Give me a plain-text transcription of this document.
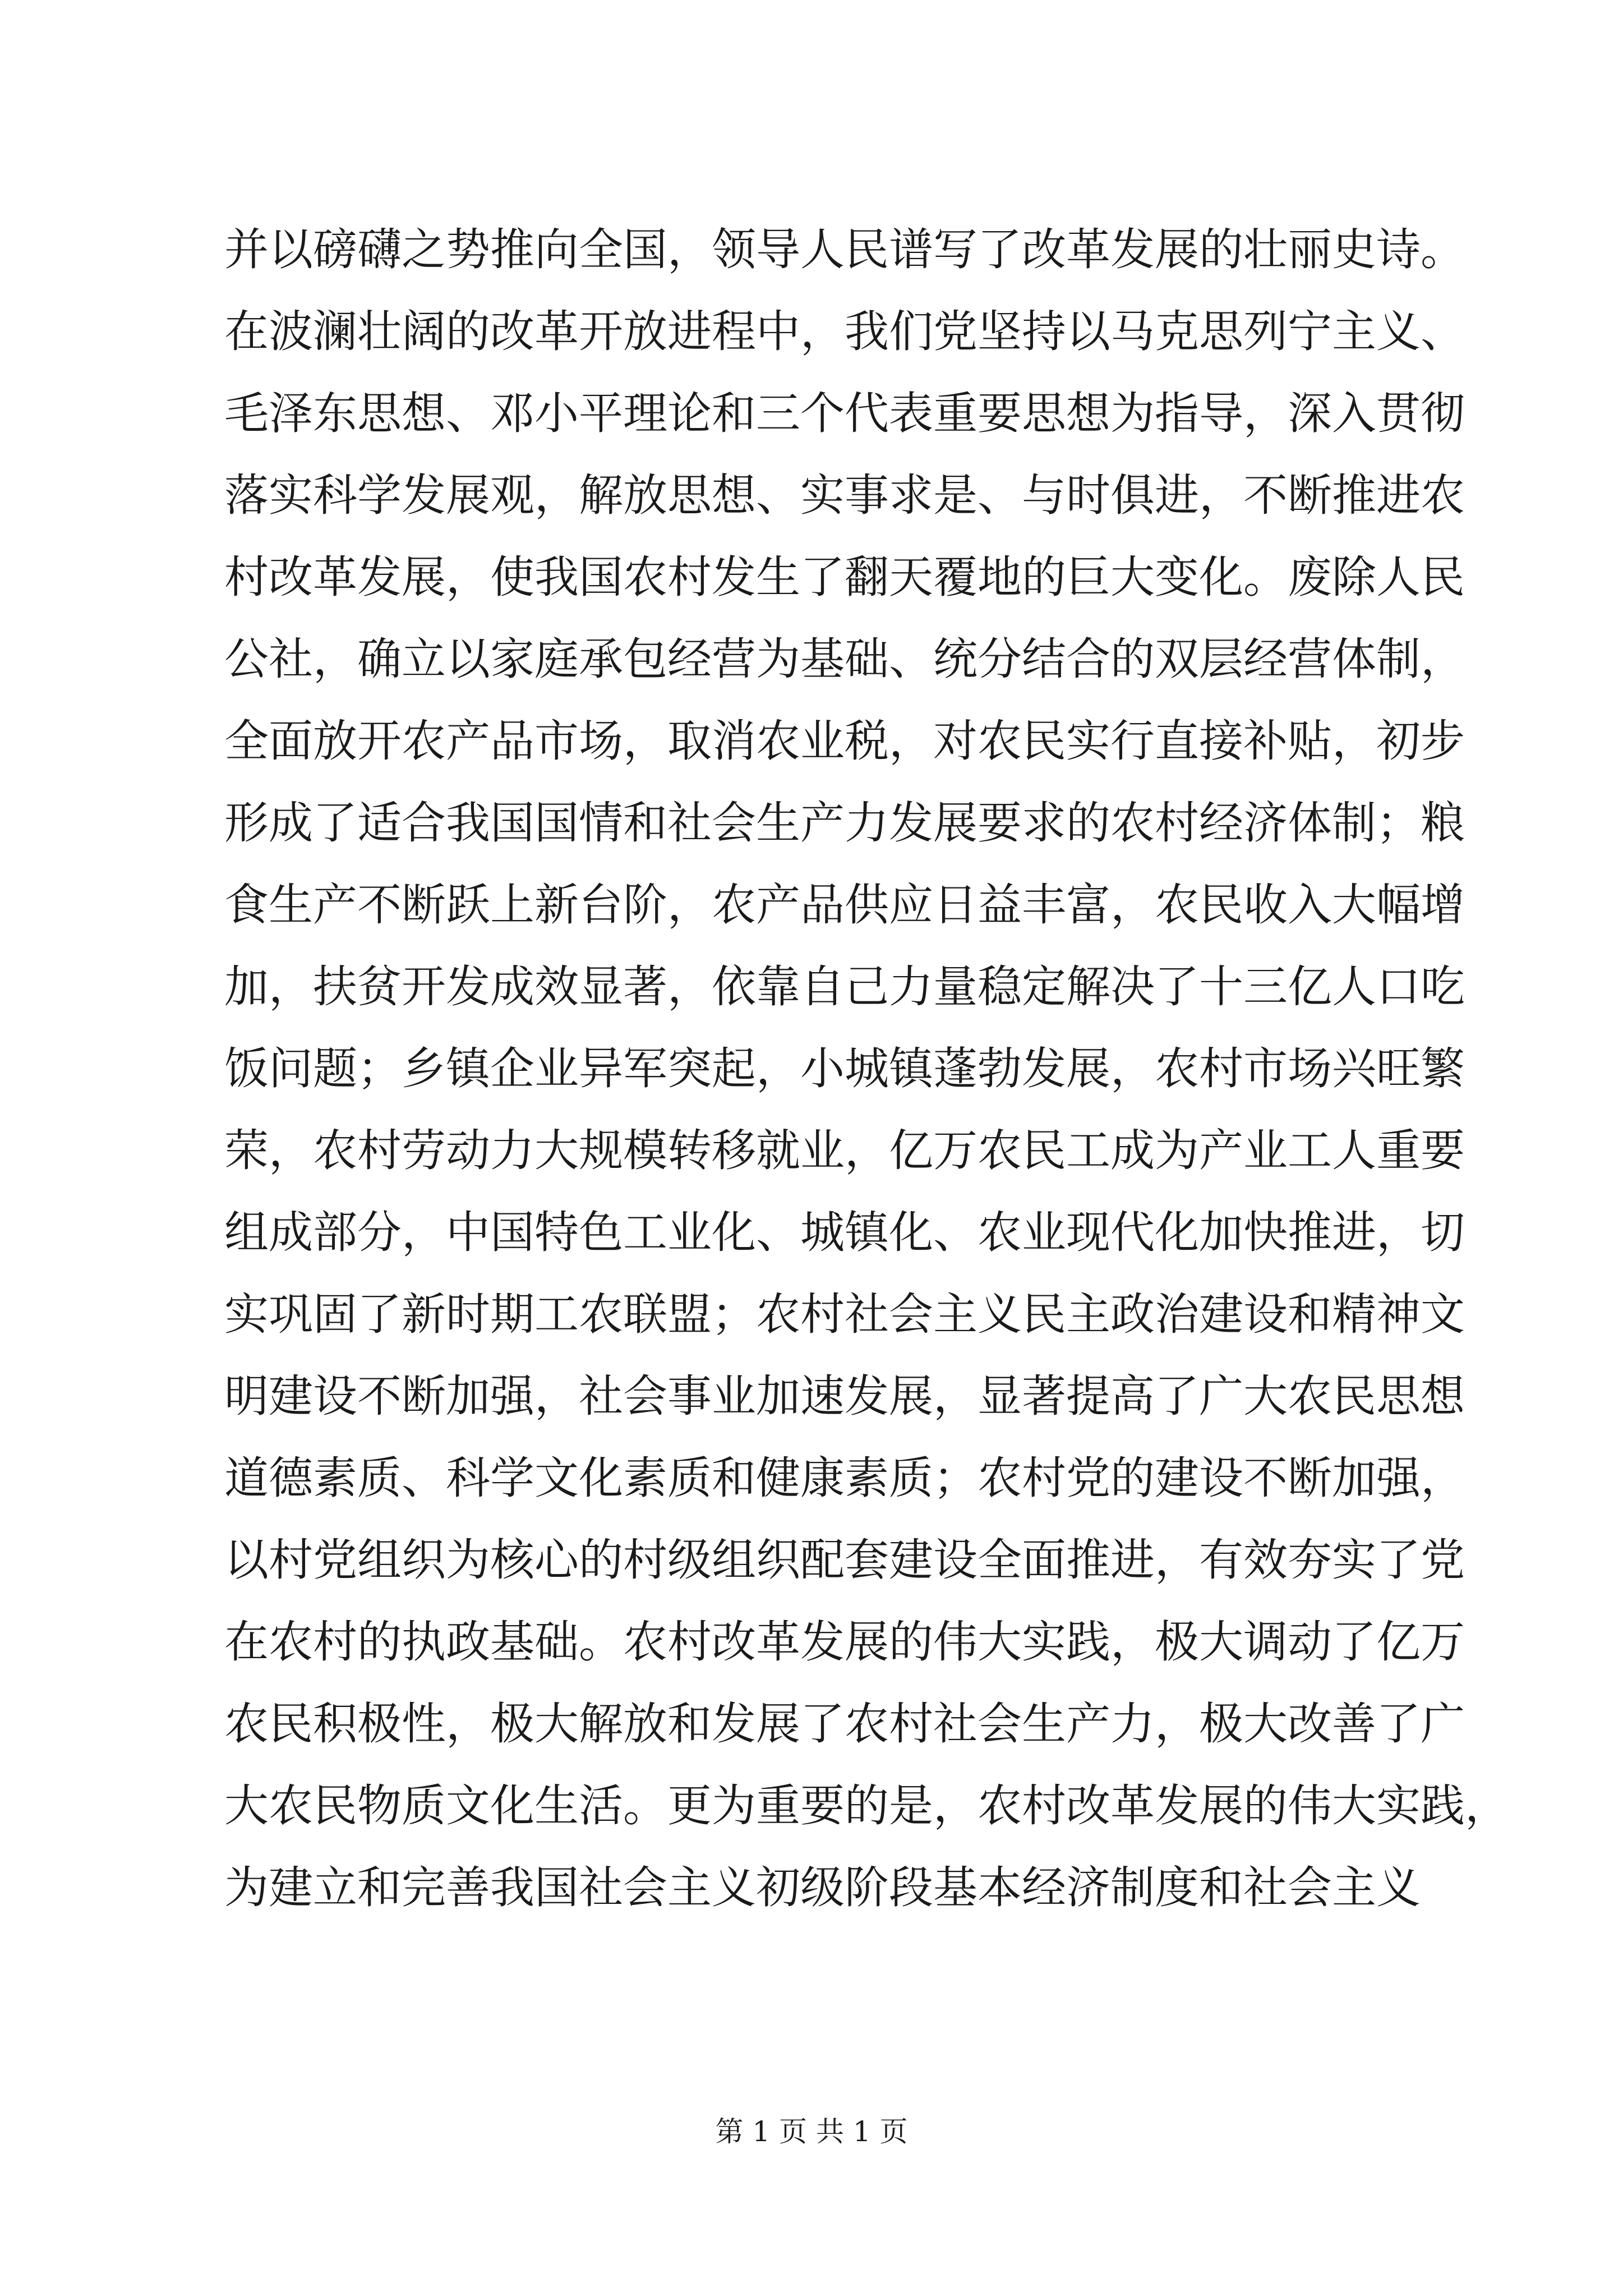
并以磅礴之势推向全国，领导人民谱写了改革发展的壮丽史诗。
在波澜壮阔的改革开放进程中，我们党坚持以马克思列宁主义、
毛泽东思想、邓小平理论和三个代表重要思想为指导，深入贯彻
落实科学发展观，解放思想、实事求是、与时俱进，不断推进农
村改革发展，使我国农村发生了翻天覆地的巨大变化。废除人民
公社，确立以家庭承包经营为基础、统分结合的双层经营体制，
全面放开农产品市场，取消农业税，对农民实行直接补贴，初步
形成了适合我国国情和社会生产力发展要求的农村经济体制；粮
食生产不断跃上新台阶，农产品供应日益丰富，农民收入大幅增
加，扶贫开发成效显著，依靠自己力量稳定解决了十三亿人口吃
饭问题；乡镇企业异军突起，小城镇蓬勃发展，农村市场兴旺繁
荣，农村劳动力大规模转移就业，亿万农民工成为产业工人重要
组成部分，中国特色工业化、城镇化、农业现代化加快推进，切
实巩固了新时期工农联盟；农村社会主义民主政治建设和精神文
明建设不断加强，社会事业加速发展，显著提高了广大农民思想
道德素质、科学文化素质和健康素质；农村党的建设不断加强，
以村党组织为核心的村级组织配套建设全面推进，有效夯实了党
在农村的执政基础。农村改革发展的伟大实践，极大调动了亿万
农民积极性，极大解放和发展了农村社会生产力，极大改善了广
大农民物质文化生活。更为重要的是，农村改革发展的伟大实践，
为建立和完善我国社会主义初级阶段基本经济制度和社会主义
第 1 页 共 1 页
